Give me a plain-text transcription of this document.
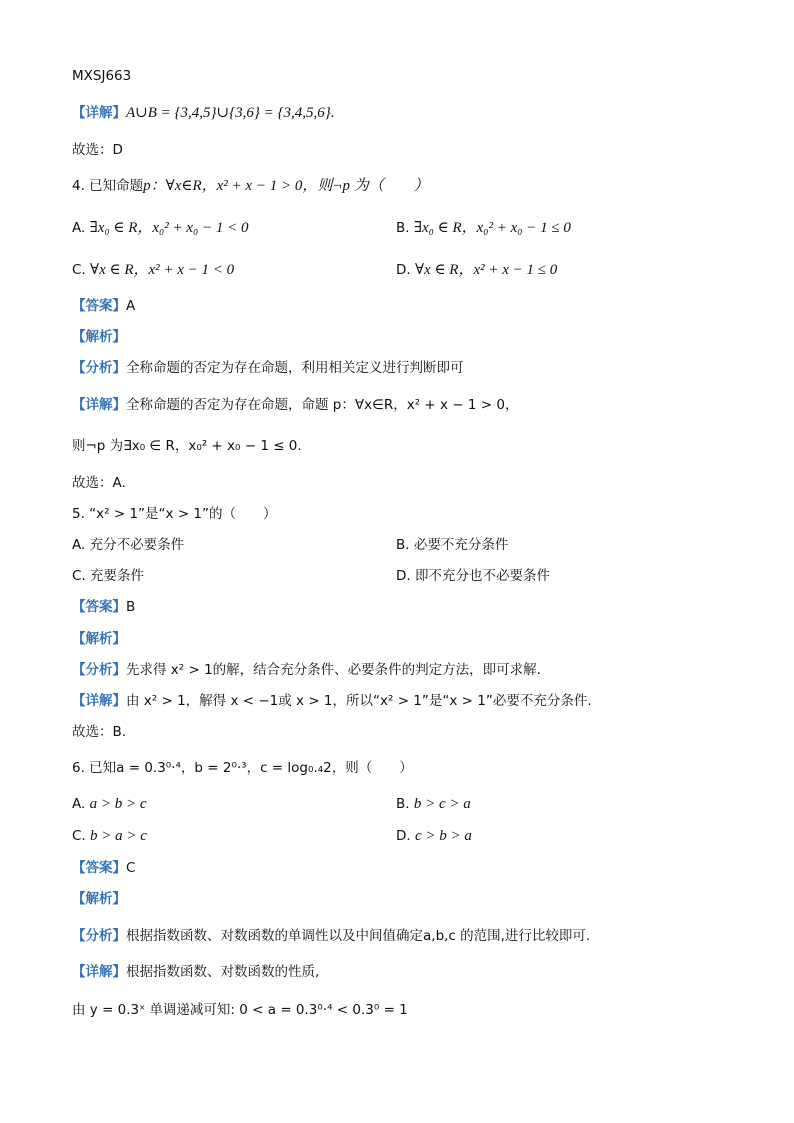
MXSJ663
【详解】A∪B = {3,4,5}∪{3,6} = {3,4,5,6}.
故选：D
4. 已知命题p：∀x∈R，x² + x − 1 > 0，则¬p 为（　　）
A. ∃x₀ ∈ R，x₀² + x₀ − 1 < 0	B. ∃x₀ ∈ R，x₀² + x₀ − 1 ≤ 0
C. ∀x ∈ R，x² + x − 1 < 0	D. ∀x ∈ R，x² + x − 1 ≤ 0
【答案】A
【解析】
【分析】全称命题的否定为存在命题，利用相关定义进行判断即可
【详解】全称命题的否定为存在命题，命题 p：∀x∈R，x² + x − 1 > 0，
则¬p 为∃x₀ ∈ R，x₀² + x₀ − 1 ≤ 0.
故选：A.
5. “x² > 1”是“x > 1”的（　　）
A. 充分不必要条件	B. 必要不充分条件
C. 充要条件	D. 即不充分也不必要条件
【答案】B
【解析】
【分析】先求得 x² > 1的解，结合充分条件、必要条件的判定方法，即可求解.
【详解】由 x² > 1，解得 x < −1或 x > 1，所以“x² > 1”是“x > 1”必要不充分条件.
故选：B.
6. 已知a = 0.3⁰·⁴，b = 2⁰·³，c = log₀.₄2，则（　　）
A. a > b > c	B. b > c > a
C. b > a > c	D. c > b > a
【答案】C
【解析】
【分析】根据指数函数、对数函数的单调性以及中间值确定a,b,c 的范围,进行比较即可.
【详解】根据指数函数、对数函数的性质,
由 y = 0.3ˣ 单调递减可知: 0 < a = 0.3⁰·⁴ < 0.3⁰ = 1
